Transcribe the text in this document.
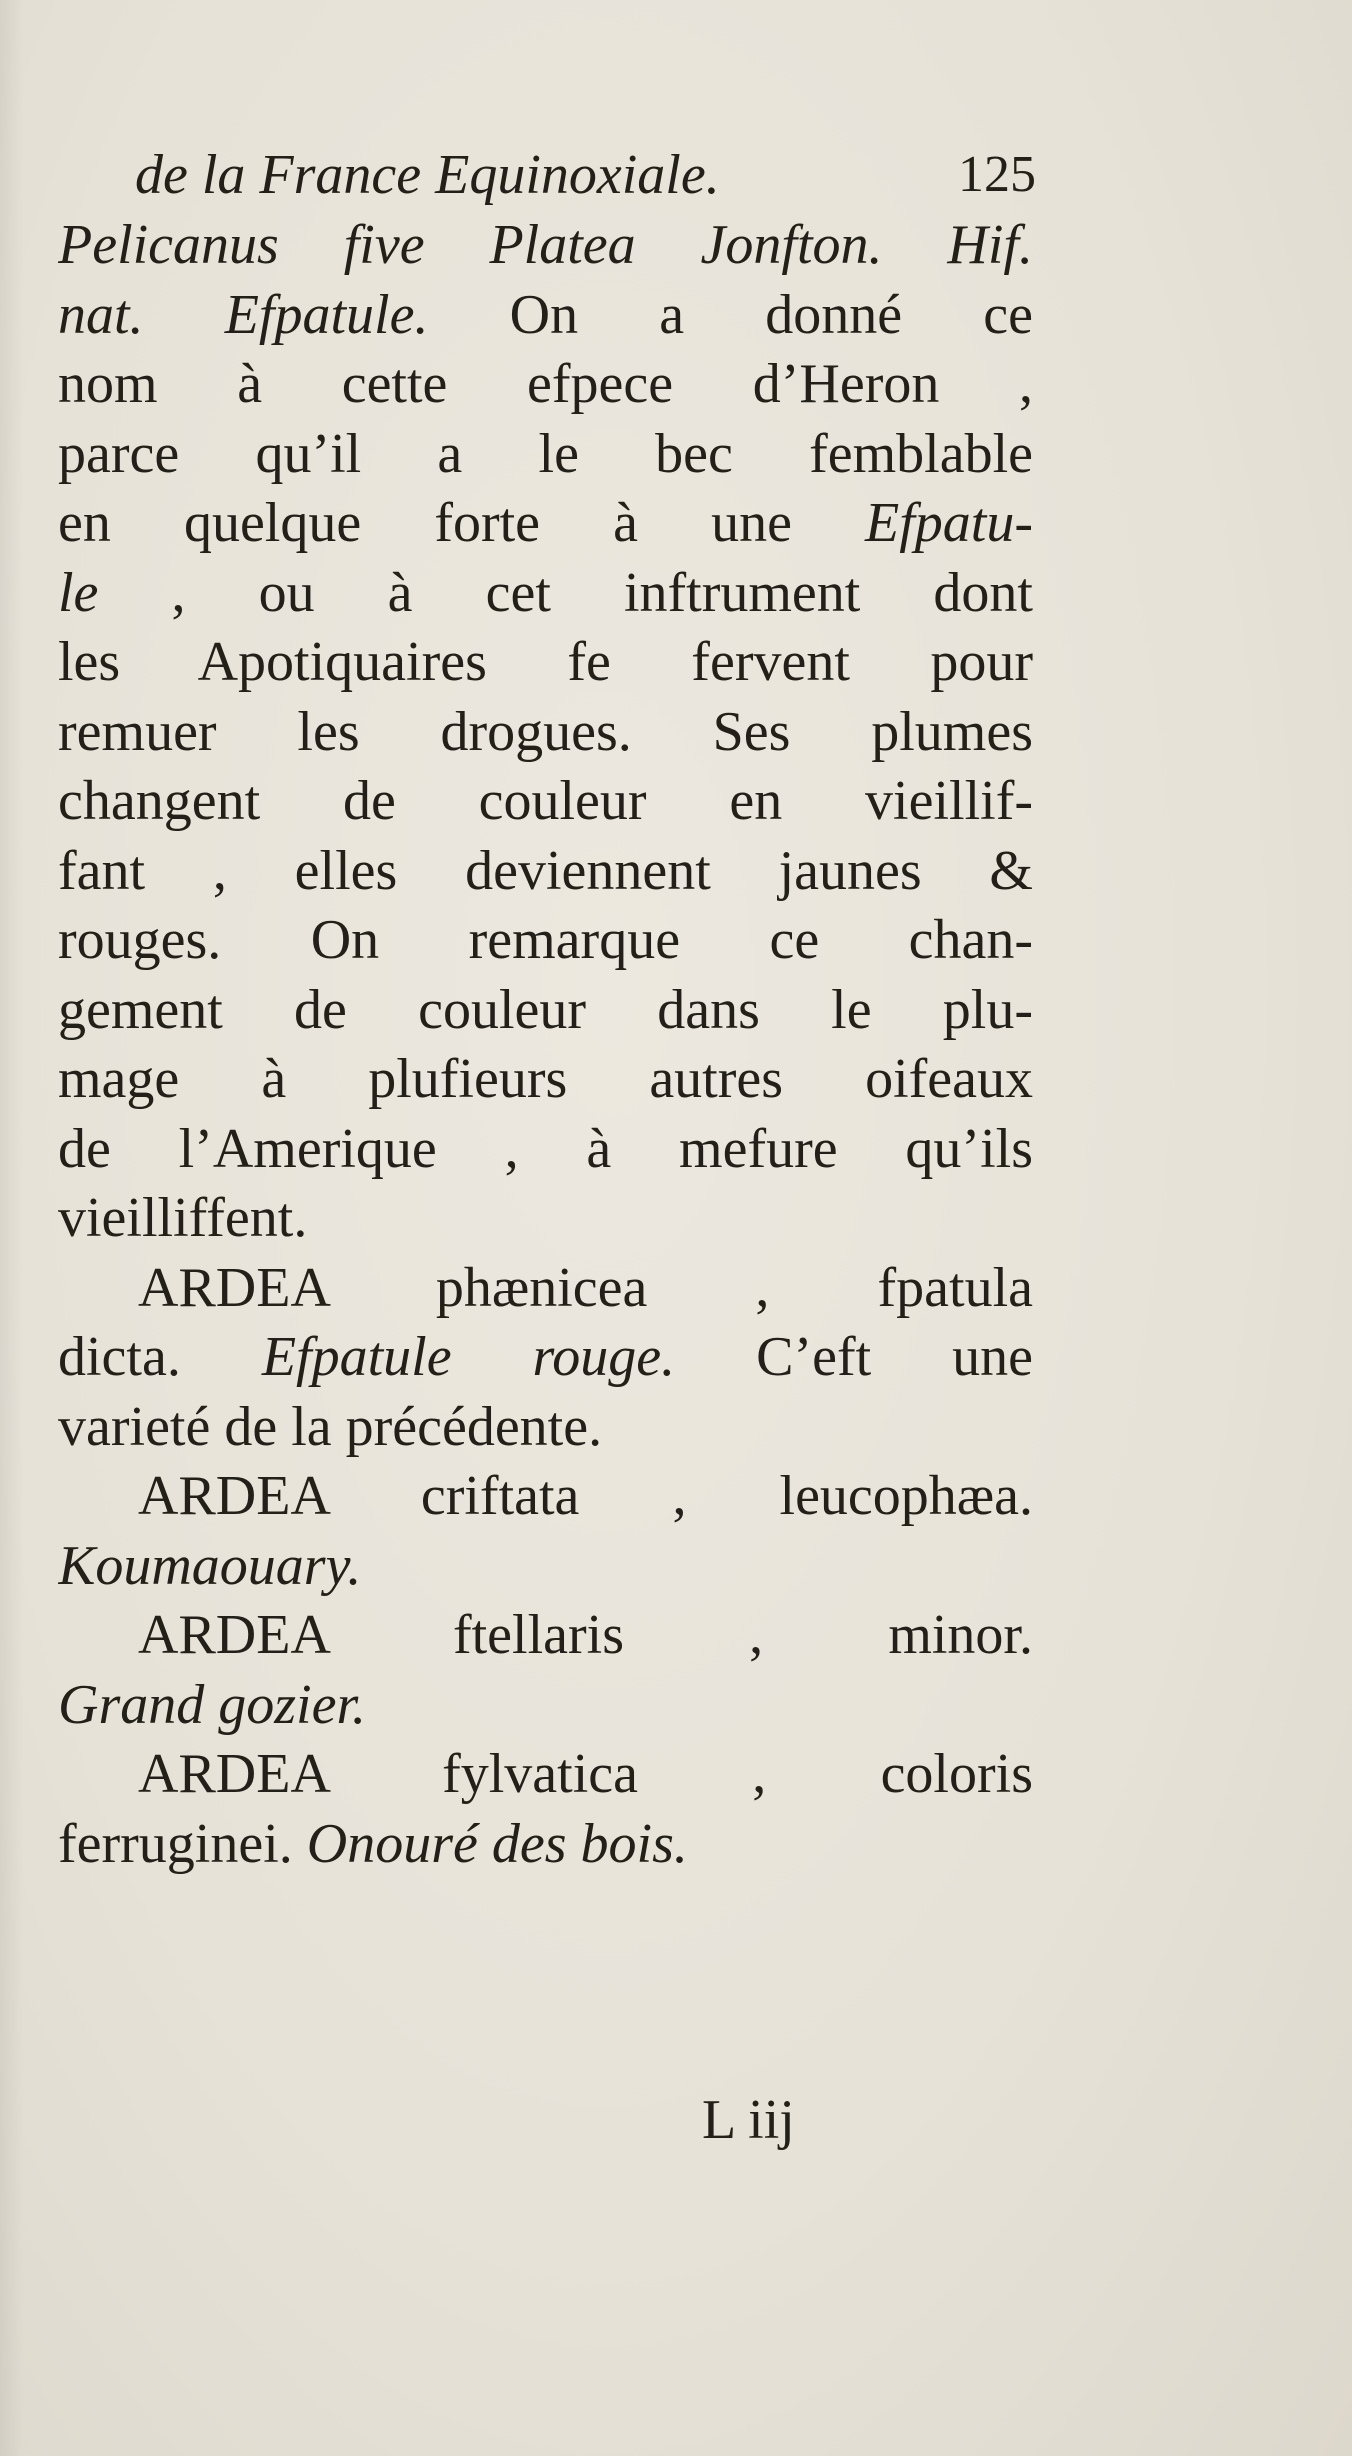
de la France Equinoxiale.	125
Pelicanus five Platea Jonfton. Hif.
nat. Efpatule. On a donné ce
nom à cette efpece d’Heron ,
parce qu’il a le bec femblable
en quelque forte à une Efpatu-
le , ou à cet inftrument dont
les Apotiquaires fe fervent pour
remuer les drogues. Ses plumes
changent de couleur en vieillif-
fant , elles deviennent jaunes &
rouges. On remarque ce chan-
gement de couleur dans le plu-
mage à plufieurs autres oifeaux
de l’Amerique , à mefure qu’ils
vieilliffent.
ARDEA phænicea , fpatula
dicta. Efpatule rouge. C’eft une
varieté de la précédente.
ARDEA criftata , leucophæa.
Koumaouary.
ARDEA ftellaris , minor.
Grand gozier.
ARDEA fylvatica , coloris
ferruginei. Onouré des bois.
L iij
